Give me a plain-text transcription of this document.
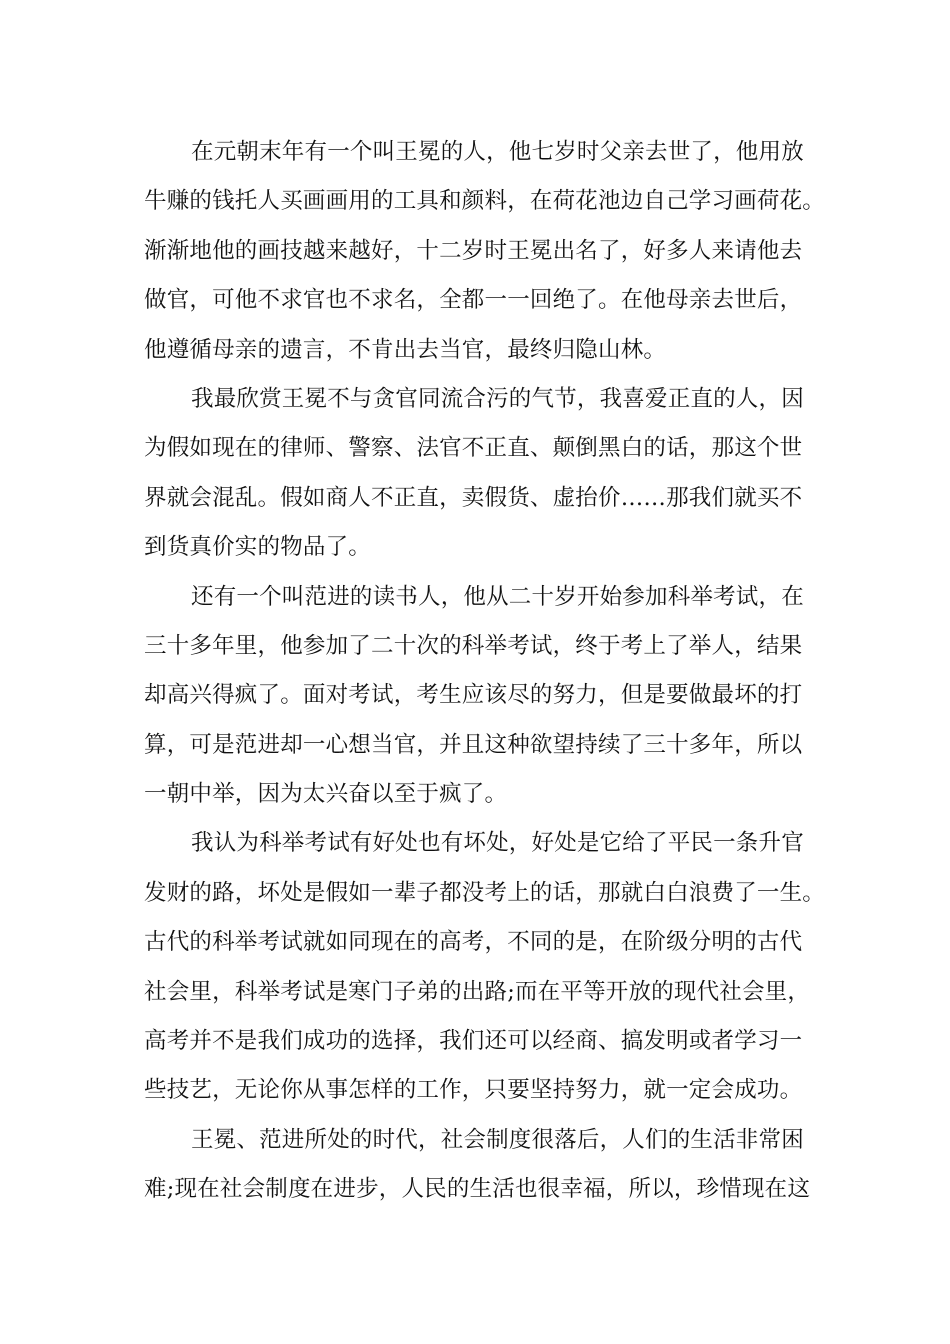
在元朝末年有一个叫王冕的人，他七岁时父亲去世了，他用放
牛赚的钱托人买画画用的工具和颜料，在荷花池边自己学习画荷花。
渐渐地他的画技越来越好，十二岁时王冕出名了，好多人来请他去
做官，可他不求官也不求名，全都一一回绝了。在他母亲去世后，
他遵循母亲的遗言，不肯出去当官，最终归隐山林。
我最欣赏王冕不与贪官同流合污的气节，我喜爱正直的人，因
为假如现在的律师、警察、法官不正直、颠倒黑白的话，那这个世
界就会混乱。假如商人不正直，卖假货、虚抬价……那我们就买不
到货真价实的物品了。
还有一个叫范进的读书人，他从二十岁开始参加科举考试，在
三十多年里，他参加了二十次的科举考试，终于考上了举人，结果
却高兴得疯了。面对考试，考生应该尽的努力，但是要做最坏的打
算，可是范进却一心想当官，并且这种欲望持续了三十多年，所以
一朝中举，因为太兴奋以至于疯了。
我认为科举考试有好处也有坏处，好处是它给了平民一条升官
发财的路，坏处是假如一辈子都没考上的话，那就白白浪费了一生。
古代的科举考试就如同现在的高考，不同的是，在阶级分明的古代
社会里，科举考试是寒门子弟的出路;而在平等开放的现代社会里，
高考并不是我们成功的选择，我们还可以经商、搞发明或者学习一
些技艺，无论你从事怎样的工作，只要坚持努力，就一定会成功。
王冕、范进所处的时代，社会制度很落后，人们的生活非常困
难;现在社会制度在进步，人民的生活也很幸福，所以，珍惜现在这
